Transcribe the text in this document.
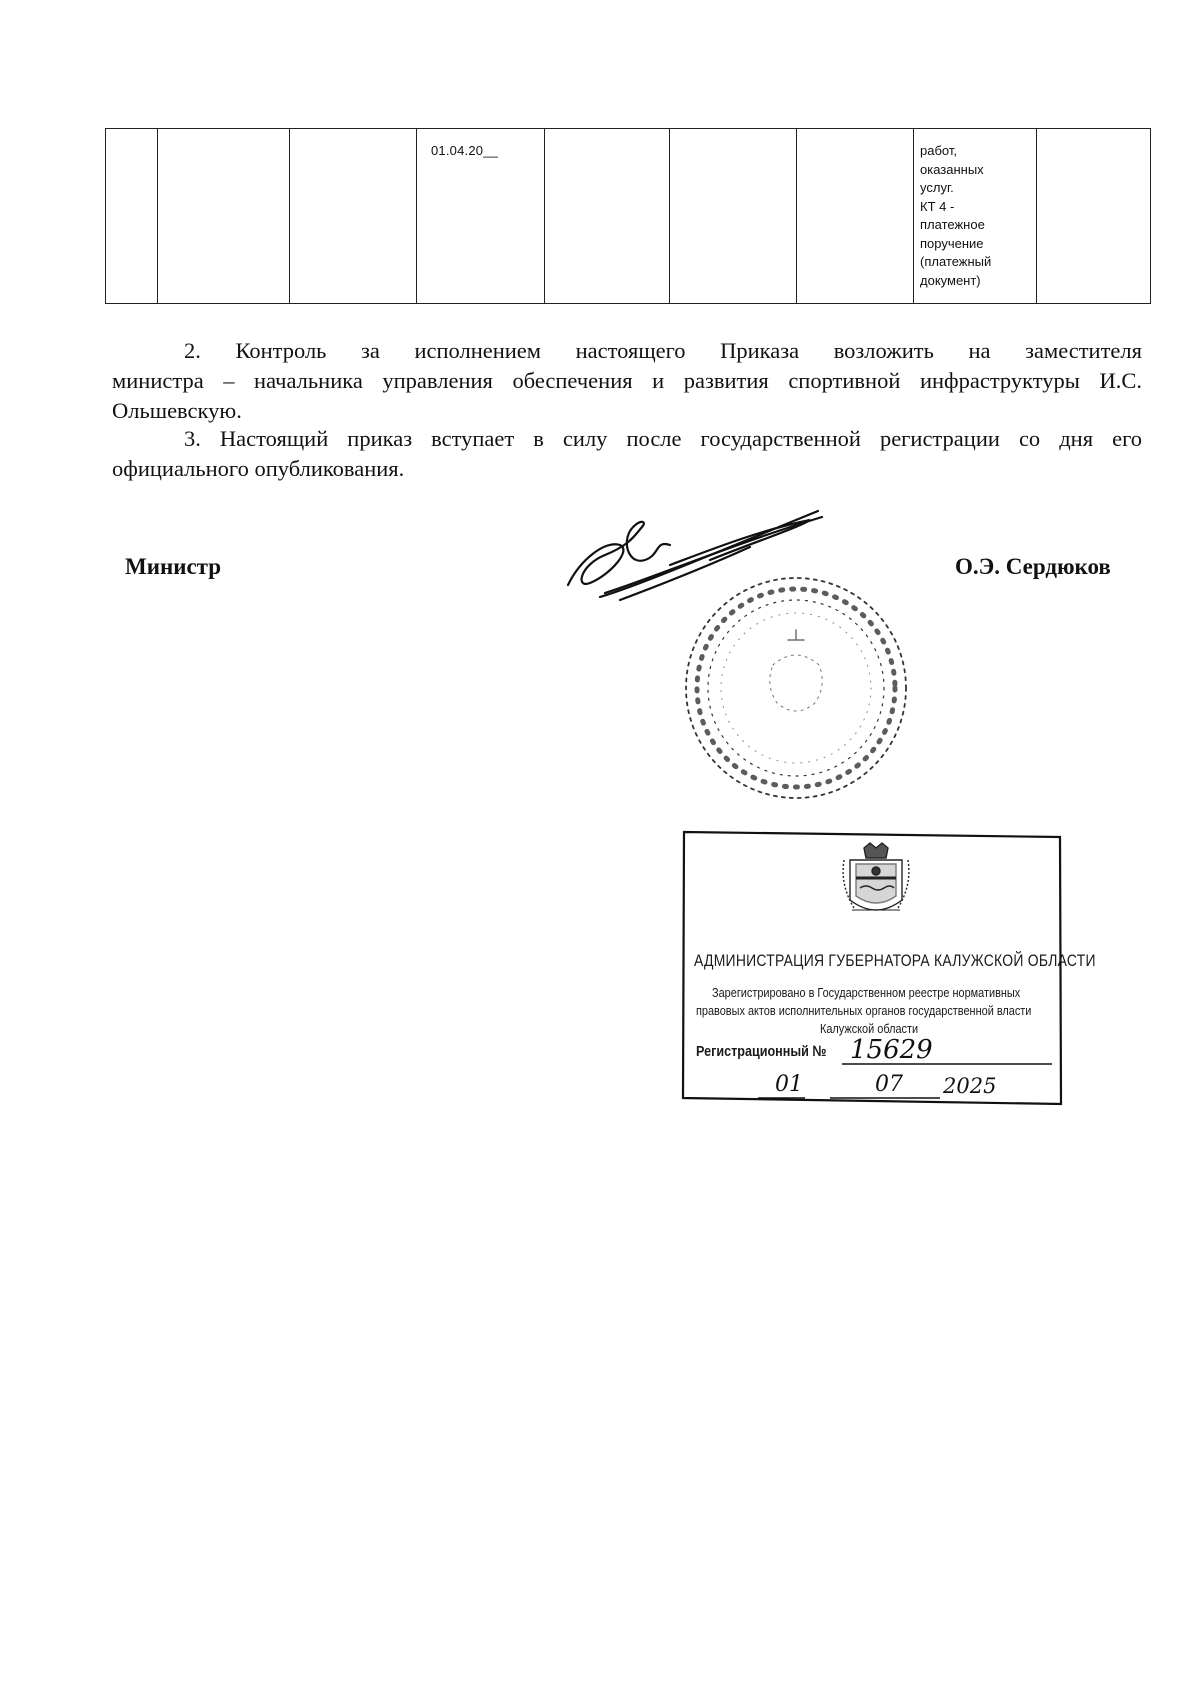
			01.04.20__				работ,
оказанных
услуг.
КТ 4 -
платежное
поручение
(платежный
документ)

2. Контроль за исполнением настоящего Приказа возложить на заместителя
министра – начальника управления обеспечения и развития спортивной инфраструктуры И.С. Ольшевскую.
3. Настоящий приказ вступает в силу после государственной регистрации со дня его
официального опубликования.
Министр	О.Э. Сердюков
АДМИНИСТРАЦИЯ ГУБЕРНАТОРА КАЛУЖСКОЙ ОБЛАСТИ
Зарегистрировано в Государственном реестре нормативных
правовых актов исполнительных органов государственной власти
Калужской области
Регистрационный № 15629
01	07 2025
